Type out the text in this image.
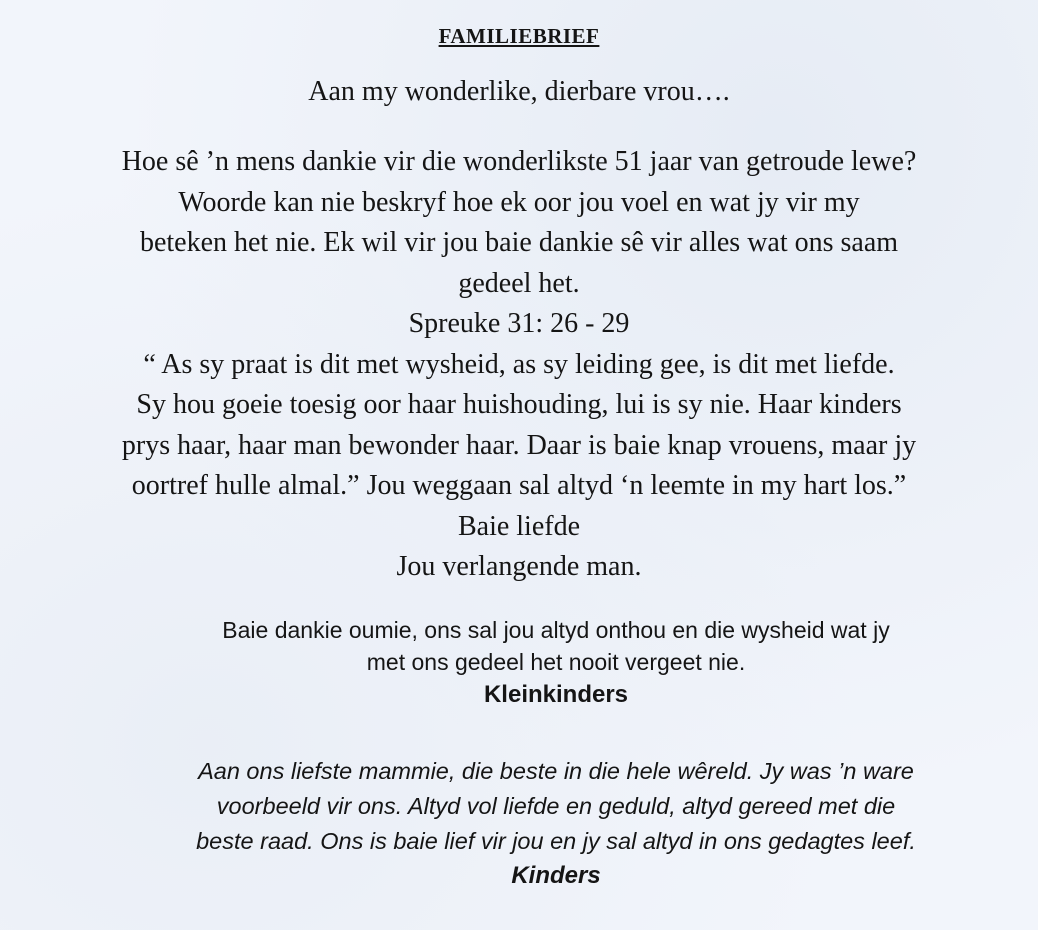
FAMILIEBRIEF
Aan my wonderlike, dierbare vrou….
Hoe sê ’n mens dankie vir die wonderlikste 51 jaar van getroude lewe?
Woorde kan nie beskryf hoe ek oor jou voel en wat jy vir my
beteken het nie. Ek wil vir jou baie dankie sê vir alles wat ons saam
gedeel het.
Spreuke 31: 26 - 29
“ As sy praat is dit met wysheid, as sy leiding gee, is dit met liefde.
Sy hou goeie toesig oor haar huishouding, lui is sy nie. Haar kinders
prys haar, haar man bewonder haar. Daar is baie knap vrouens, maar jy
oortref hulle almal.” Jou weggaan sal altyd ‘n leemte in my hart los.”
Baie liefde
Jou verlangende man.
Baie dankie oumie, ons sal jou altyd onthou en die wysheid wat jy
met ons gedeel het nooit vergeet nie.
Kleinkinders
Aan ons liefste mammie, die beste in die hele wêreld. Jy was ’n ware
voorbeeld vir ons. Altyd vol liefde en geduld, altyd gereed met die
beste raad. Ons is baie lief vir jou en jy sal altyd in ons gedagtes leef.
Kinders
